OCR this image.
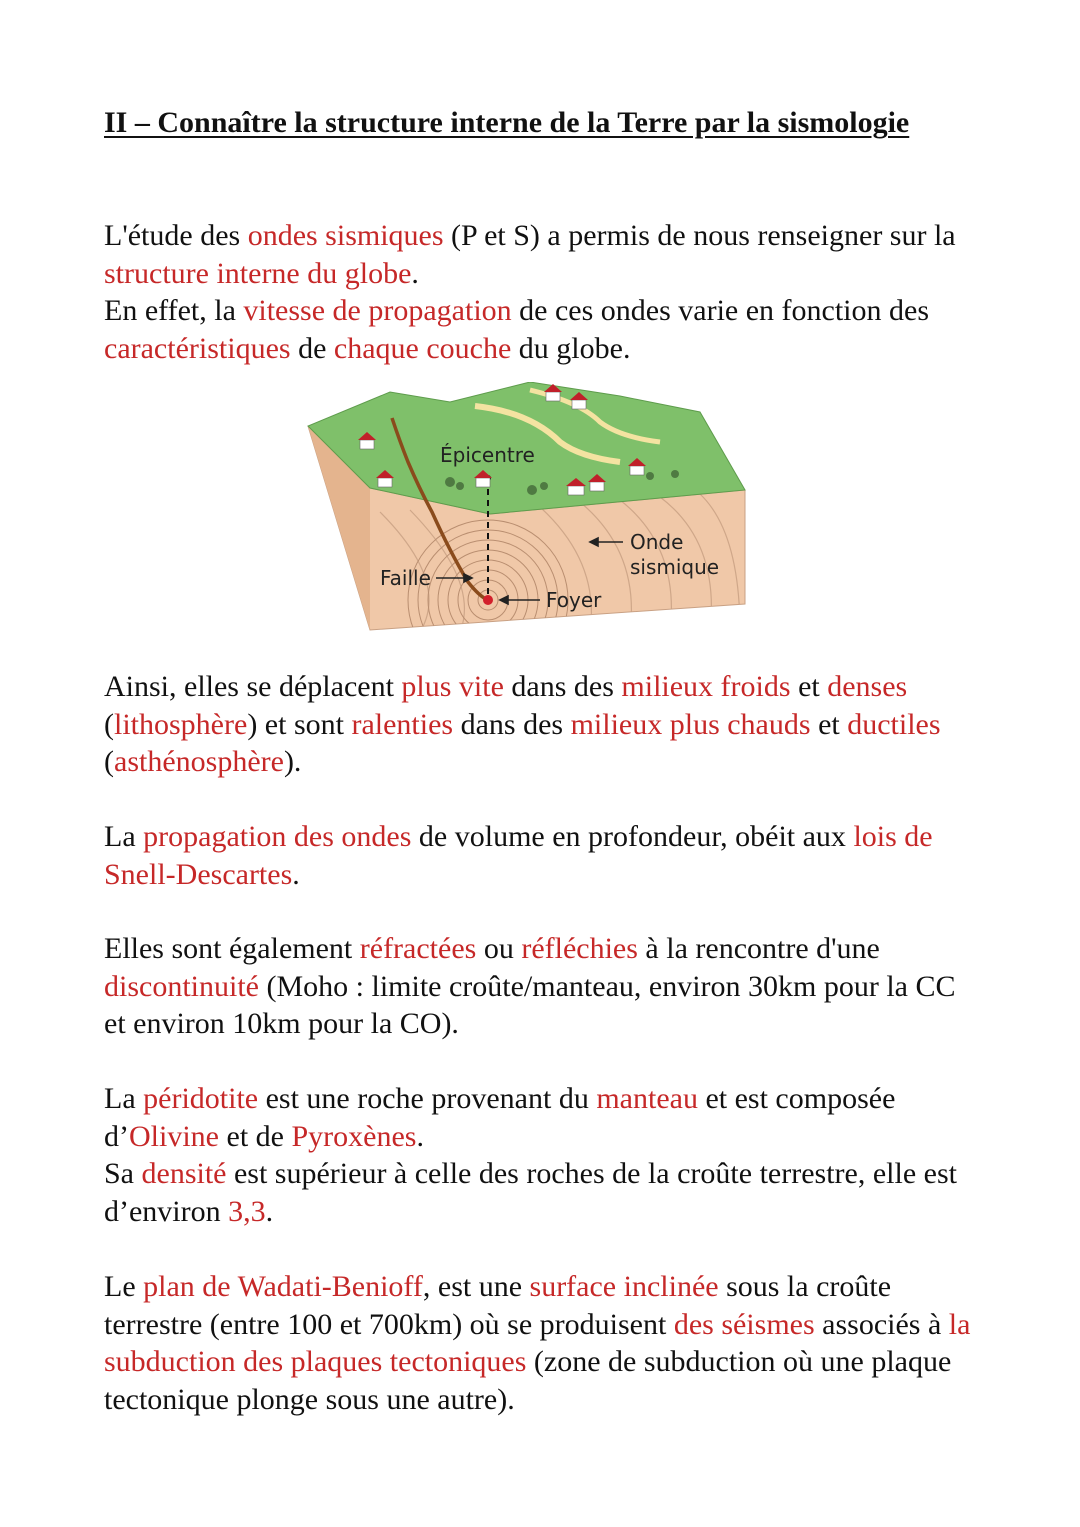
II – Connaître la structure interne de la Terre par la sismologie
L'étude des ondes sismiques (P et S) a permis de nous renseigner sur la structure interne du globe.
En effet, la vitesse de propagation de ces ondes varie en fonction des caractéristiques de chaque couche du globe.
Épicentre
Onde
sismique
Faille
Foyer
Ainsi, elles se déplacent plus vite dans des milieux froids et denses (lithosphère) et sont ralenties dans des milieux plus chauds et ductiles (asthénosphère).
La propagation des ondes de volume en profondeur, obéit aux lois de Snell-Descartes.
Elles sont également réfractées ou réfléchies à la rencontre d'une discontinuité (Moho : limite croûte/manteau, environ 30km pour la CC et environ 10km pour la CO).
La péridotite est une roche provenant du manteau et est composée d’Olivine et de Pyroxènes.
Sa densité est supérieur à celle des roches de la croûte terrestre, elle est d’environ 3,3.
Le plan de Wadati-Benioff, est une surface inclinée sous la croûte terrestre (entre 100 et 700km) où se produisent des séismes associés à la subduction des plaques tectoniques (zone de subduction où une plaque tectonique plonge sous une autre).
